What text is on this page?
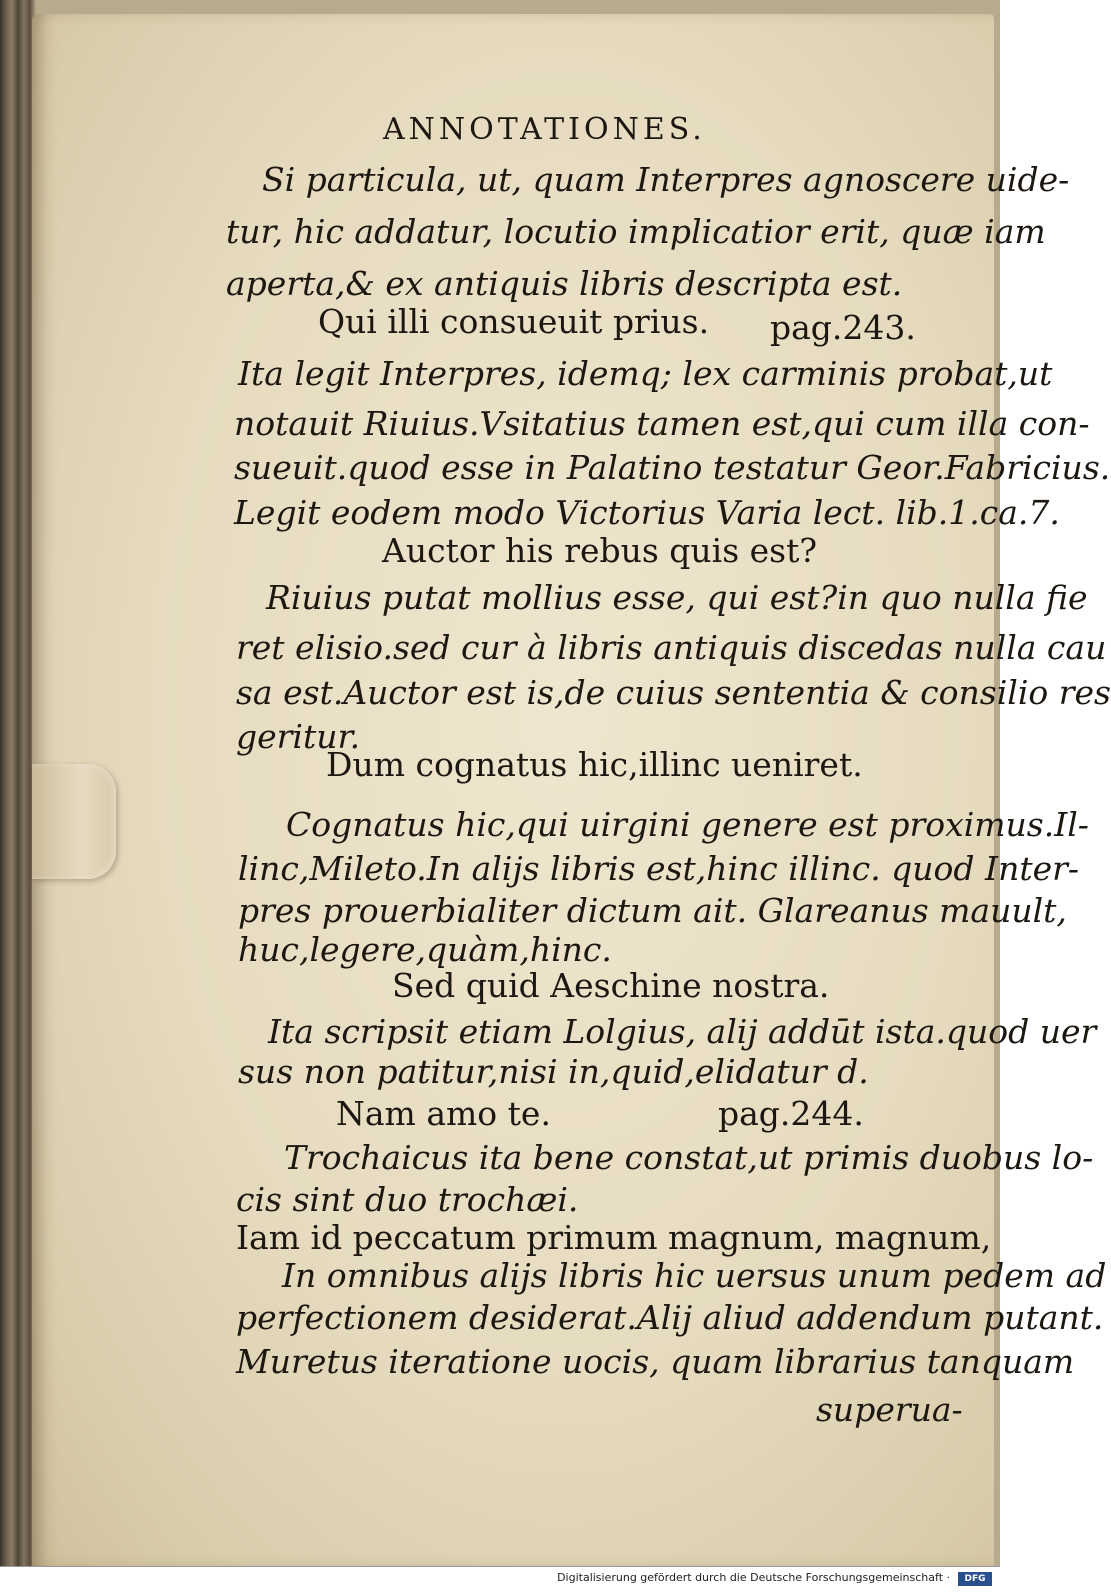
ANNOTATIONES.
Si particula, ut, quam Interpres agnoscere uide-
tur, hic addatur, locutio implicatior erit, quæ iam
aperta,& ex antiquis libris descripta est.
Qui illi consueuit prius. pag.243.
Ita legit Interpres, idemq; lex carminis probat,ut
notauit Riuius.Vsitatius tamen est,qui cum illa con-
sueuit.quod esse in Palatino testatur Geor.Fabricius.
Legit eodem modo Victorius Varia lect. lib.1.ca.7.
Auctor his rebus quis est?
Riuius putat mollius esse, qui est?in quo nulla fie
ret elisio.sed cur à libris antiquis discedas nulla cau
sa est.Auctor est is,de cuius sententia & consilio res
geritur.
Dum cognatus hic,illinc ueniret.
Cognatus hic,qui uirgini genere est proximus.Il-
linc,Mileto.In alijs libris est,hinc illinc. quod Inter-
pres prouerbialiter dictum ait. Glareanus mauult,
huc,legere,quàm,hinc.
Sed quid Aeschine nostra.
Ita scripsit etiam Lolgius, alij addūt ista.quod uer
sus non patitur,nisi in,quid,elidatur d.
Nam amo te.	pag.244.
Trochaicus ita bene constat,ut primis duobus lo-
cis sint duo trochæi.
Iam id peccatum primum magnum, magnum,
In omnibus alijs libris hic uersus unum pedem ad
perfectionem desiderat.Alij aliud addendum putant.
Muretus iteratione uocis, quam librarius tanquam
superua-
Digitalisierung gefördert durch die Deutsche Forschungsgemeinschaft ·	DFG
